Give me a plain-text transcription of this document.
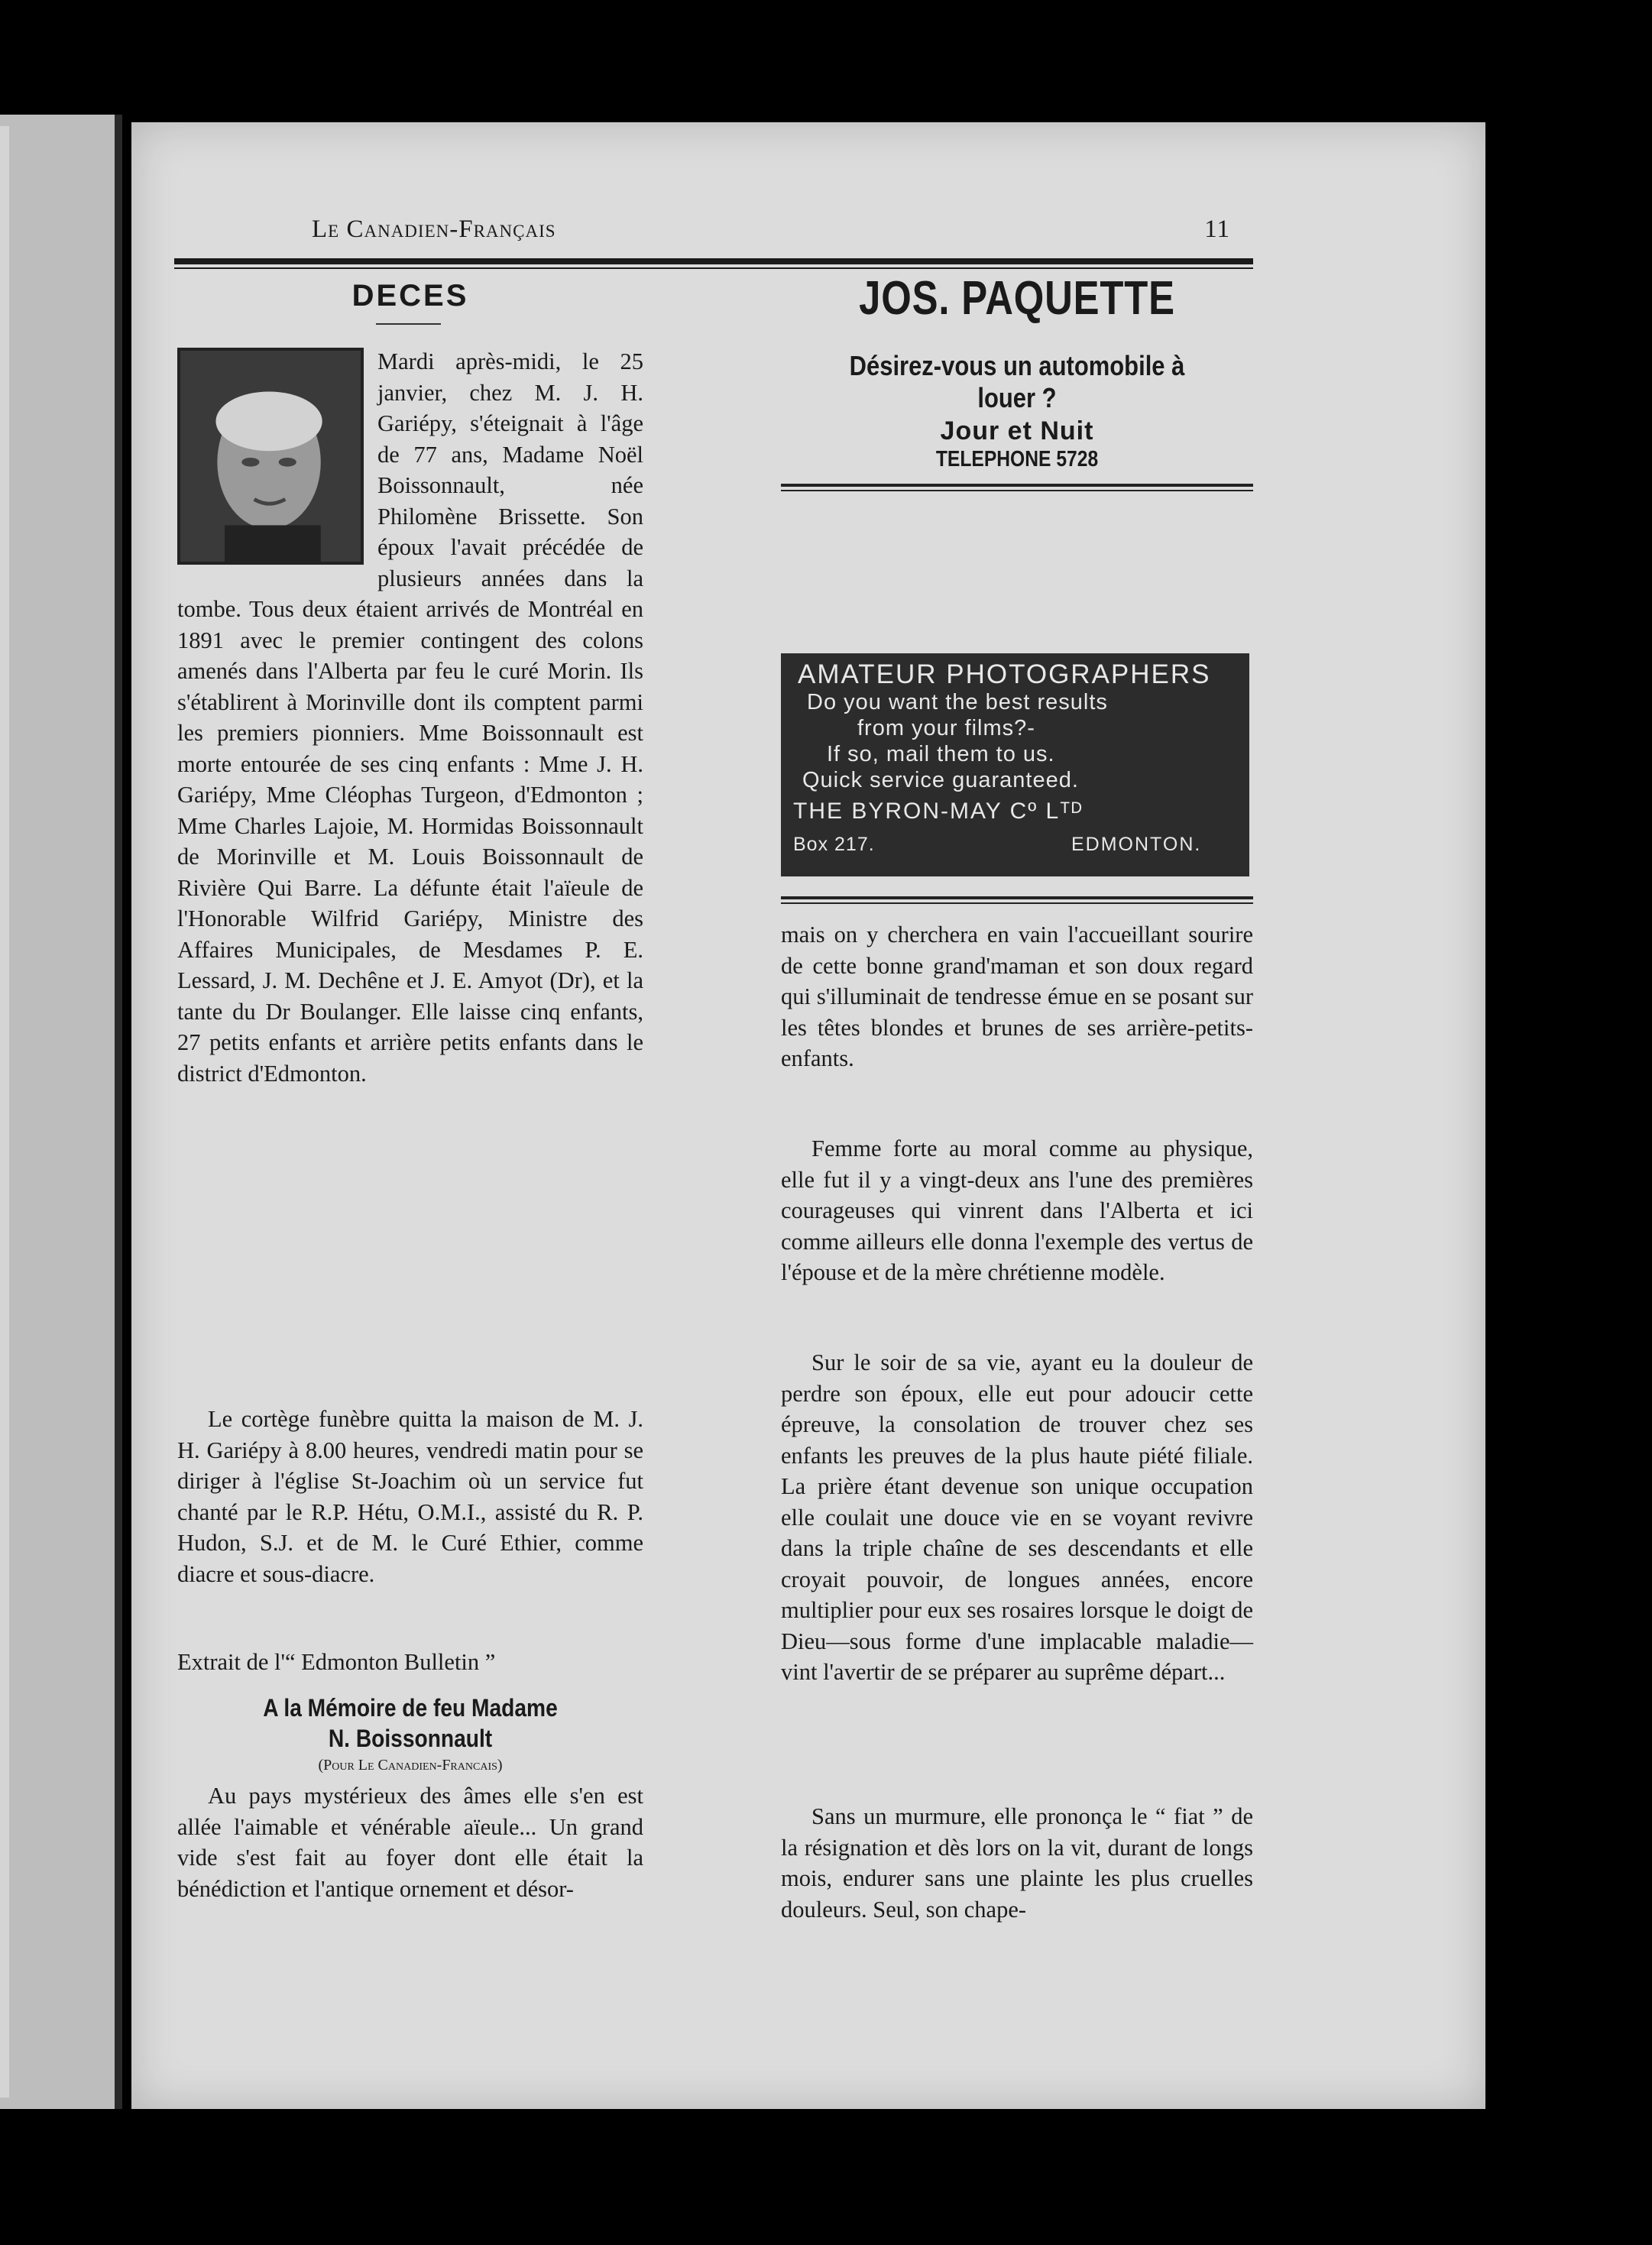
Le Canadien-Français	11
DECES

Mardi après-midi, le 25 janvier, chez M. J. H. Gariépy, s'éteignait à l'âge de 77 ans, Madame Noël Boissonnault, née Philomène Brissette. Son époux l'avait précédée de plusieurs années dans la tombe. Tous deux étaient arrivés de Montréal en 1891 avec le premier contingent des colons amenés dans l'Alberta par feu le curé Morin. Ils s'établirent à Morinville dont ils comptent parmi les premiers pionniers. Mme Boissonnault est morte entourée de ses cinq enfants : Mme J. H. Gariépy, Mme Cléophas Turgeon, d'Edmonton ; Mme Charles Lajoie, M. Hormidas Boissonnault de Morinville et M. Louis Boissonnault de Rivière Qui Barre. La défunte était l'aïeule de l'Honorable Wilfrid Gariépy, Ministre des Affaires Municipales, de Mesdames P. E. Lessard, J. M. Dechêne et J. E. Amyot (Dr), et la tante du Dr Boulanger. Elle laisse cinq enfants, 27 petits enfants et arrière petits enfants dans le district d'Edmonton.

Le cortège funèbre quitta la maison de M. J. H. Gariépy à 8.00 heures, vendredi matin pour se diriger à l'église St-Joachim où un service fut chanté par le R.P. Hétu, O.M.I., assisté du R. P. Hudon, S.J. et de M. le Curé Ethier, comme diacre et sous-diacre.

Extrait de l'“ Edmonton Bulletin ”
A la Mémoire de feu Madame
N. Boissonnault
(Pour Le Canadien-Francais)

Au pays mystérieux des âmes elle s'en est allée l'aimable et vénérable aïeule... Un grand vide s'est fait au foyer dont elle était la bénédiction et l'antique ornement et désor-

JOS. PAQUETTE
Désirez-vous un automobile à
louer ?
Jour et Nuit
TELEPHONE 5728

mais on y cherchera en vain l'accueillant sourire de cette bonne grand'maman et son doux regard qui s'illuminait de tendresse émue en se posant sur les têtes blondes et brunes de ses arrière-petits-enfants.

Femme forte au moral comme au physique, elle fut il y a vingt-deux ans l'une des premières courageuses qui vinrent dans l'Alberta et ici comme ailleurs elle donna l'exemple des vertus de l'épouse et de la mère chrétienne modèle.

Sur le soir de sa vie, ayant eu la douleur de perdre son époux, elle eut pour adoucir cette épreuve, la consolation de trouver chez ses enfants les preuves de la plus haute piété filiale. La prière étant devenue son unique occupation elle coulait une douce vie en se voyant revivre dans la triple chaîne de ses descendants et elle croyait pouvoir, de longues années, encore multiplier pour eux ses rosaires lorsque le doigt de Dieu—sous forme d'une implacable maladie—vint l'avertir de se préparer au suprême départ...

Sans un murmure, elle prononça le “ fiat ” de la résignation et dès lors on la vit, durant de longs mois, endurer sans une plainte les plus cruelles douleurs. Seul, son chape-

AMATEUR PHOTOGRAPHERS
Do you want the best results
from your films?-
If so, mail them to us.
Quick service guaranteed.
THE BYRON-MAY Cº Lᵀᴰ
Box 217.	EDMONTON.
